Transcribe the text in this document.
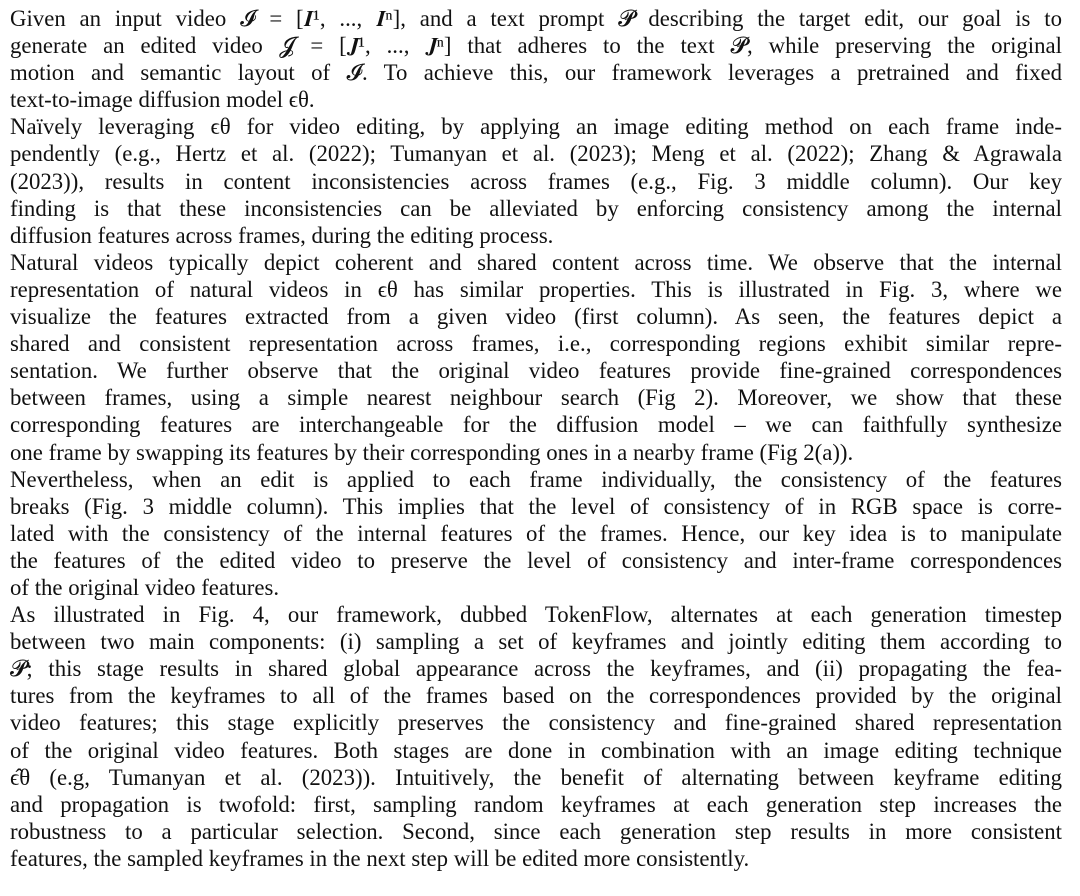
Given an input video 𝓘 = [𝑰¹, ..., 𝑰ⁿ], and a text prompt 𝓟 describing the target edit, our goal is to
generate an edited video 𝓙 = [𝑱¹, ..., 𝑱ⁿ] that adheres to the text 𝓟, while preserving the original
motion and semantic layout of 𝓘. To achieve this, our framework leverages a pretrained and fixed
text-to-image diffusion model ϵθ.
Naïvely leveraging ϵθ for video editing, by applying an image editing method on each frame inde-
pendently (e.g., Hertz et al. (2022); Tumanyan et al. (2023); Meng et al. (2022); Zhang & Agrawala
(2023)), results in content inconsistencies across frames (e.g., Fig. 3 middle column). Our key
finding is that these inconsistencies can be alleviated by enforcing consistency among the internal
diffusion features across frames, during the editing process.
Natural videos typically depict coherent and shared content across time. We observe that the internal
representation of natural videos in ϵθ has similar properties. This is illustrated in Fig. 3, where we
visualize the features extracted from a given video (first column). As seen, the features depict a
shared and consistent representation across frames, i.e., corresponding regions exhibit similar repre-
sentation. We further observe that the original video features provide fine-grained correspondences
between frames, using a simple nearest neighbour search (Fig 2). Moreover, we show that these
corresponding features are interchangeable for the diffusion model – we can faithfully synthesize
one frame by swapping its features by their corresponding ones in a nearby frame (Fig 2(a)).
Nevertheless, when an edit is applied to each frame individually, the consistency of the features
breaks (Fig. 3 middle column). This implies that the level of consistency of in RGB space is corre-
lated with the consistency of the internal features of the frames. Hence, our key idea is to manipulate
the features of the edited video to preserve the level of consistency and inter-frame correspondences
of the original video features.
As illustrated in Fig. 4, our framework, dubbed TokenFlow, alternates at each generation timestep
between two main components: (i) sampling a set of keyframes and jointly editing them according to
𝓟; this stage results in shared global appearance across the keyframes, and (ii) propagating the fea-
tures from the keyframes to all of the frames based on the correspondences provided by the original
video features; this stage explicitly preserves the consistency and fine-grained shared representation
of the original video features. Both stages are done in combination with an image editing technique
ϵ̂θ (e.g, Tumanyan et al. (2023)). Intuitively, the benefit of alternating between keyframe editing
and propagation is twofold: first, sampling random keyframes at each generation step increases the
robustness to a particular selection. Second, since each generation step results in more consistent
features, the sampled keyframes in the next step will be edited more consistently.
